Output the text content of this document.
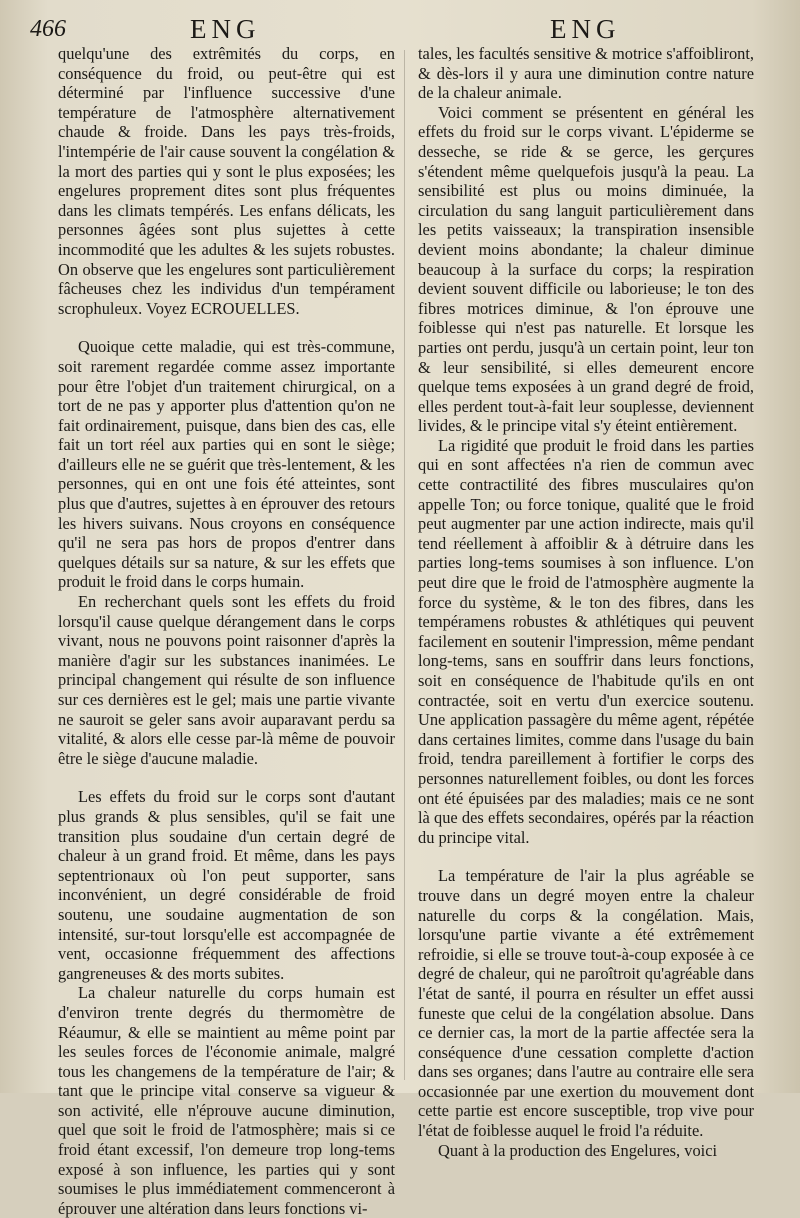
466	ENG	ENG

quelqu'une des extrêmités du corps, en conséquence du froid, ou peut-être qui est déterminé par l'influence successive d'une température de l'atmosphère alternativement chaude & froide. Dans les pays très-froids, l'intempérie de l'air cause souvent la congélation & la mort des parties qui y sont le plus exposées; les engelures proprement dites sont plus fréquentes dans les climats tempérés. Les enfans délicats, les personnes âgées sont plus sujettes à cette incommodité que les adultes & les sujets robustes. On observe que les engelures sont particulièrement fâcheuses chez les individus d'un tempérament scrophuleux. Voyez ECROUELLES.

Quoique cette maladie, qui est très-commune, soit rarement regardée comme assez importante pour être l'objet d'un traitement chirurgical, on a tort de ne pas y apporter plus d'attention qu'on ne fait ordinairement, puisque, dans bien des cas, elle fait un tort réel aux parties qui en sont le siège; d'ailleurs elle ne se guérit que très-lentement, & les personnes, qui en ont une fois été atteintes, sont plus que d'autres, sujettes à en éprouver des retours les hivers suivans. Nous croyons en conséquence qu'il ne sera pas hors de propos d'entrer dans quelques détails sur sa nature, & sur les effets que produit le froid dans le corps humain.

En recherchant quels sont les effets du froid lorsqu'il cause quelque dérangement dans le corps vivant, nous ne pouvons point raisonner d'après la manière d'agir sur les substances inanimées. Le principal changement qui résulte de son influence sur ces dernières est le gel; mais une partie vivante ne sauroit se geler sans avoir auparavant perdu sa vitalité, & alors elle cesse par-là même de pouvoir être le siège d'aucune maladie.

Les effets du froid sur le corps sont d'autant plus grands & plus sensibles, qu'il se fait une transition plus soudaine d'un certain degré de chaleur à un grand froid. Et même, dans les pays septentrionaux où l'on peut supporter, sans inconvénient, un degré considérable de froid soutenu, une soudaine augmentation de son intensité, sur-tout lorsqu'elle est accompagnée de vent, occasionne fréquemment des affections gangreneuses & des morts subites.

La chaleur naturelle du corps humain est d'environ trente degrés du thermomètre de Réaumur, & elle se maintient au même point par les seules forces de l'économie animale, malgré tous les changemens de la température de l'air; & tant que le principe vital conserve sa vigueur & son activité, elle n'éprouve aucune diminution, quel que soit le froid de l'atmosphère; mais si ce froid étant excessif, l'on demeure trop long-tems exposé à son influence, les parties qui y sont soumises le plus immédiatement commenceront à éprouver une altération dans leurs fonctions vi-

tales, les facultés sensitive & motrice s'affoibliront, & dès-lors il y aura une diminution contre nature de la chaleur animale.

Voici comment se présentent en général les effets du froid sur le corps vivant. L'épiderme se desseche, se ride & se gerce, les gerçures s'étendent même quelquefois jusqu'à la peau. La sensibilité est plus ou moins diminuée, la circulation du sang languit particulièrement dans les petits vaisseaux; la transpiration insensible devient moins abondante; la chaleur diminue beaucoup à la surface du corps; la respiration devient souvent difficile ou laborieuse; le ton des fibres motrices diminue, & l'on éprouve une foiblesse qui n'est pas naturelle. Et lorsque les parties ont perdu, jusqu'à un certain point, leur ton & leur sensibilité, si elles demeurent encore quelque tems exposées à un grand degré de froid, elles perdent tout-à-fait leur souplesse, deviennent livides, & le principe vital s'y éteint entièrement.

La rigidité que produit le froid dans les parties qui en sont affectées n'a rien de commun avec cette contractilité des fibres musculaires qu'on appelle Ton; ou force tonique, qualité que le froid peut augmenter par une action indirecte, mais qu'il tend réellement à affoiblir & à détruire dans les parties long-tems soumises à son influence. L'on peut dire que le froid de l'atmosphère augmente la force du système, & le ton des fibres, dans les tempéramens robustes & athlétiques qui peuvent facilement en soutenir l'impression, même pendant long-tems, sans en souffrir dans leurs fonctions, soit en conséquence de l'habitude qu'ils en ont contractée, soit en vertu d'un exercice soutenu. Une application passagère du même agent, répétée dans certaines limites, comme dans l'usage du bain froid, tendra pareillement à fortifier le corps des personnes naturellement foibles, ou dont les forces ont été épuisées par des maladies; mais ce ne sont là que des effets secondaires, opérés par la réaction du principe vital.

La température de l'air la plus agréable se trouve dans un degré moyen entre la chaleur naturelle du corps & la congélation. Mais, lorsqu'une partie vivante a été extrêmement refroidie, si elle se trouve tout-à-coup exposée à ce degré de chaleur, qui ne paroîtroit qu'agréable dans l'état de santé, il pourra en résulter un effet aussi funeste que celui de la congélation absolue. Dans ce dernier cas, la mort de la partie affectée sera la conséquence d'une cessation complette d'action dans ses organes; dans l'autre au contraire elle sera occasionnée par une exertion du mouvement dont cette partie est encore susceptible, trop vive pour l'état de foiblesse auquel le froid l'a réduite.

Quant à la production des Engelures, voici
